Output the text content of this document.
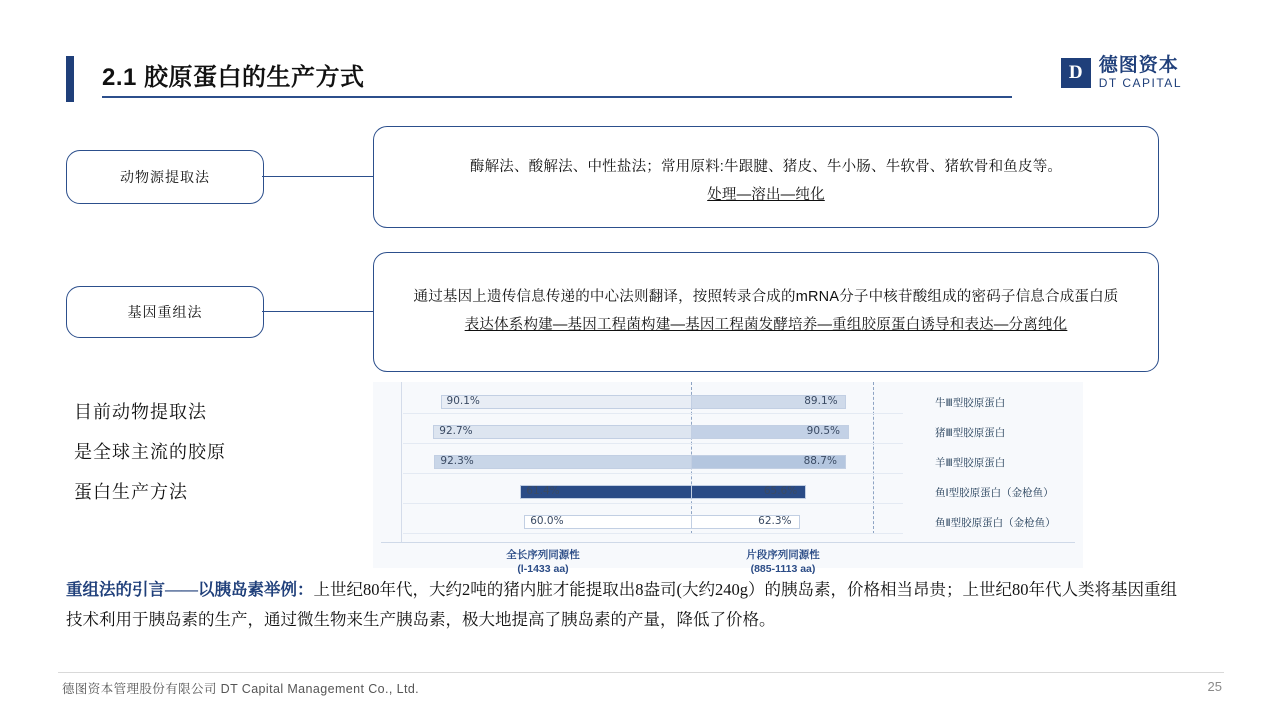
2.1 胶原蛋白的生产方式	D 德图资本
DT CAPITAL
动物源提取法
酶解法、酸解法、中性盐法；常用原料:牛跟腱、猪皮、牛小肠、牛软骨、猪软骨和鱼皮等。
处理—溶出—纯化
基因重组法
通过基因上遗传信息传递的中心法则翻译，按照转录合成的mRNA分子中核苷酸组成的密码子信息合成蛋白质
表达体系构建—基因工程菌构建—基因工程菌发酵培养—重组胶原蛋白诱导和表达—分离纯化
目前动物提取法
是全球主流的胶原
蛋白生产方法
90.1%	89.1%	牛Ⅲ型胶原蛋白
92.7%	90.5%	猪Ⅲ型胶原蛋白
92.3%	88.7%	羊Ⅲ型胶原蛋白
61.4%	65.6%	鱼Ⅰ型胶原蛋白（金枪鱼）
60.0%	62.3%	鱼Ⅱ型胶原蛋白（金枪鱼）
全长序列同源性
(l-1433 aa)
片段序列同源性
(885-1113 aa)
重组法的引言——以胰岛素举例：上世纪80年代，大约2吨的猪内脏才能提取出8盎司(大约240g）的胰岛素，价格相当昂贵；上世纪80年代人类将基因重组技术利用于胰岛素的生产，通过微生物来生产胰岛素，极大地提高了胰岛素的产量，降低了价格。
德图资本管理股份有限公司 DT Capital Management Co., Ltd.	25
